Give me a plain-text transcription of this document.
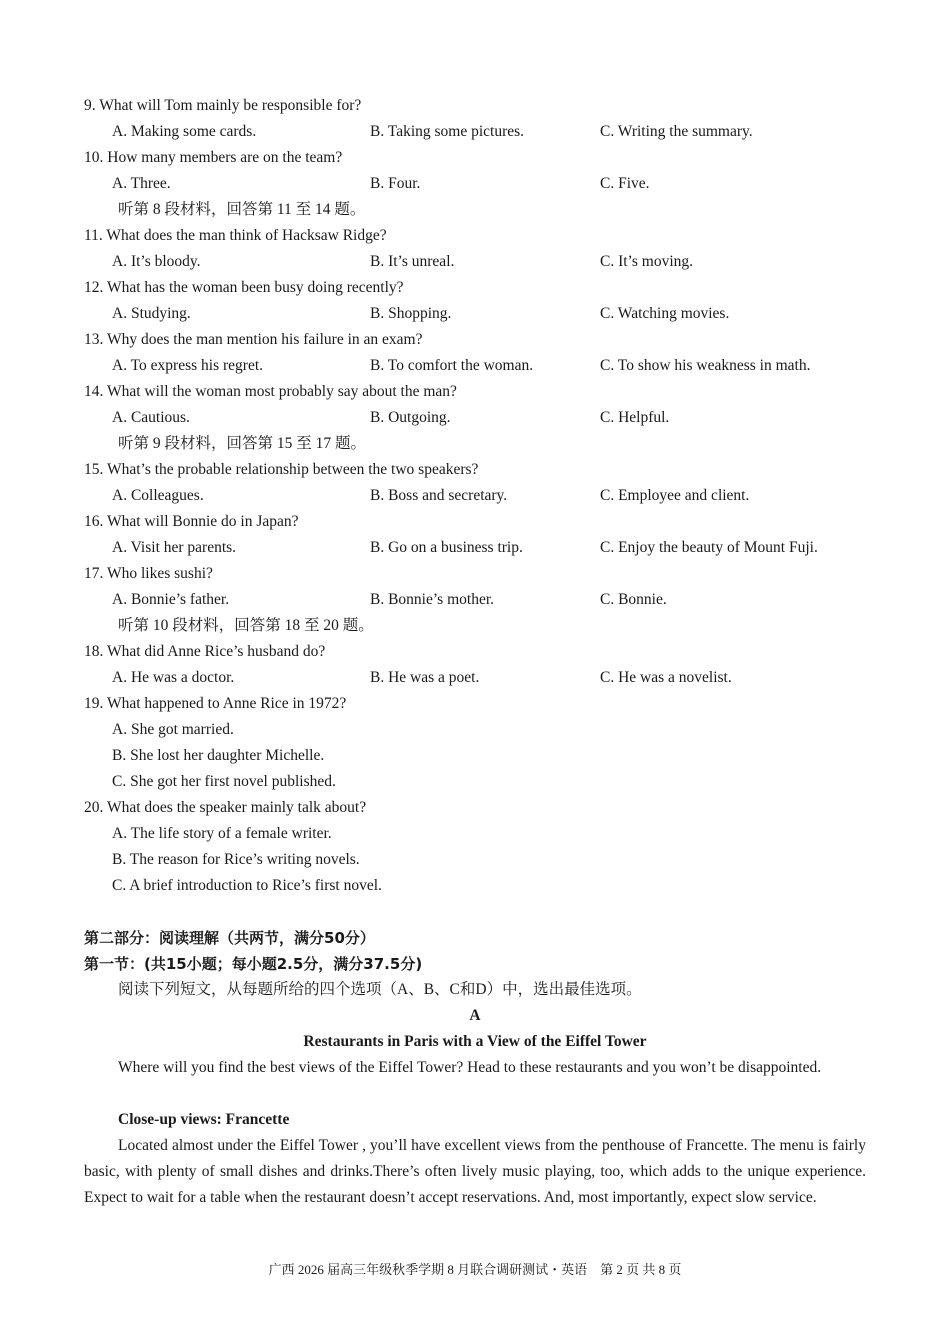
9. What will Tom mainly be responsible for?
A. Making some cards.	B. Taking some pictures.	C. Writing the summary.
10. How many members are on the team?
A. Three.	B. Four.	C. Five.
听第 8 段材料，回答第 11 至 14 题。
11. What does the man think of Hacksaw Ridge?
A. It’s bloody.	B. It’s unreal.	C. It’s moving.
12. What has the woman been busy doing recently?
A. Studying.	B. Shopping.	C. Watching movies.
13. Why does the man mention his failure in an exam?
A. To express his regret.	B. To comfort the woman.	C. To show his weakness in math.
14. What will the woman most probably say about the man?
A. Cautious.	B. Outgoing.	C. Helpful.
听第 9 段材料，回答第 15 至 17 题。
15. What’s the probable relationship between the two speakers?
A. Colleagues.	B. Boss and secretary.	C. Employee and client.
16. What will Bonnie do in Japan?
A. Visit her parents.	B. Go on a business trip.	C. Enjoy the beauty of Mount Fuji.
17. Who likes sushi?
A. Bonnie’s father.	B. Bonnie’s mother.	C. Bonnie.
听第 10 段材料，回答第 18 至 20 题。
18. What did Anne Rice’s husband do?
A. He was a doctor.	B. He was a poet.	C. He was a novelist.
19. What happened to Anne Rice in 1972?
A. She got married.
B. She lost her daughter Michelle.
C. She got her first novel published.
20. What does the speaker mainly talk about?
A. The life story of a female writer.
B. The reason for Rice’s writing novels.
C. A brief introduction to Rice’s first novel.
第二部分：阅读理解（共两节，满分50分）
第一节：(共15小题；每小题2.5分，满分37.5分)
阅读下列短文，从每题所给的四个选项（A、B、C和D）中，选出最佳选项。
A
Restaurants in Paris with a View of the Eiffel Tower
Where will you find the best views of the Eiffel Tower? Head to these restaurants and you won’t be disappointed.
Close-up views: Francette
Located almost under the Eiffel Tower , you’ll have excellent views from the penthouse of Francette. The menu is fairly basic, with plenty of small dishes and drinks.There’s often lively music playing, too, which adds to the unique experience. Expect to wait for a table when the restaurant doesn’t accept reservations. And, most importantly, expect slow service.
广西 2026 届高三年级秋季学期 8 月联合调研测试・英语　第 2 页 共 8 页
